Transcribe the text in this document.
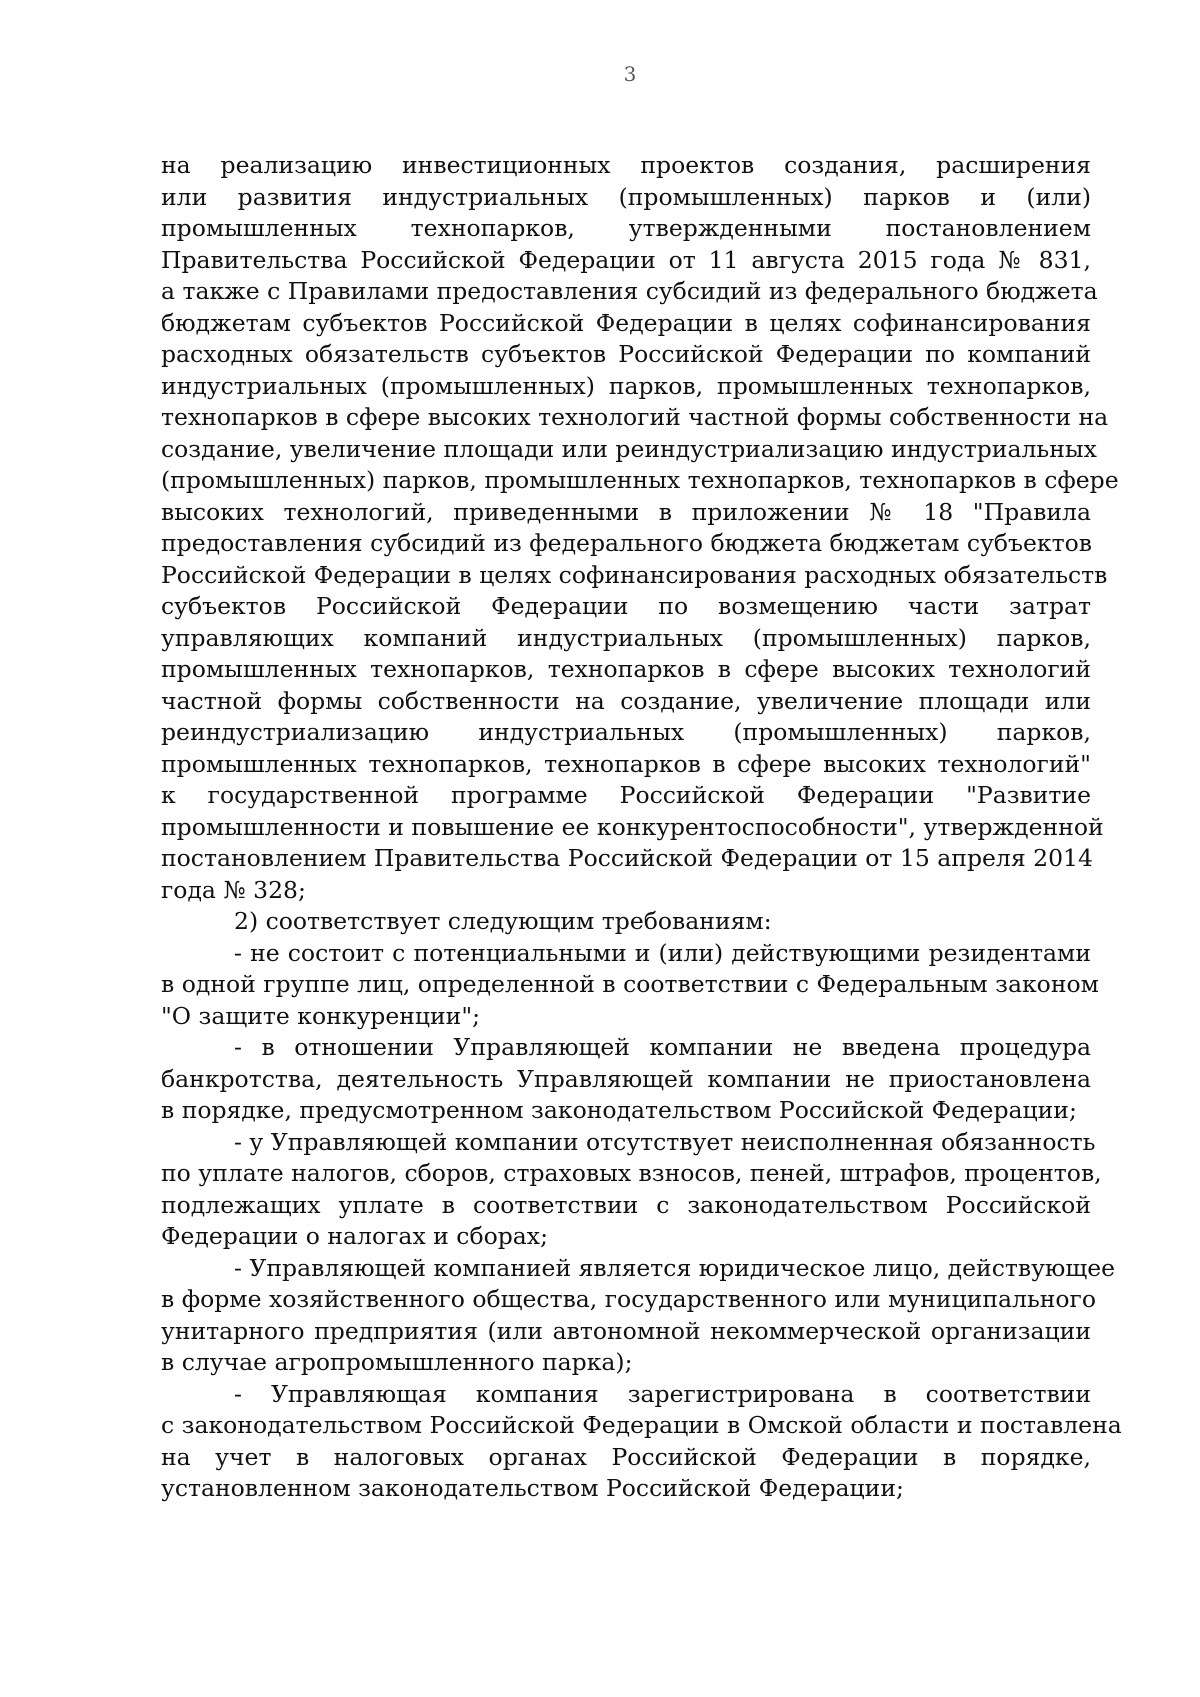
3
на реализацию инвестиционных проектов создания, расширения
или развития индустриальных (промышленных) парков и (или)
промышленных технопарков, утвержденными постановлением
Правительства Российской Федерации от 11 августа 2015 года № 831,
а также с Правилами предоставления субсидий из федерального бюджета
бюджетам субъектов Российской Федерации в целях софинансирования
расходных обязательств субъектов Российской Федерации по компаний
индустриальных (промышленных) парков, промышленных технопарков,
технопарков в сфере высоких технологий частной формы собственности на
создание, увеличение площади или реиндустриализацию индустриальных
(промышленных) парков, промышленных технопарков, технопарков в сфере
высоких технологий, приведенными в приложении № 18 "Правила
предоставления субсидий из федерального бюджета бюджетам субъектов
Российской Федерации в целях софинансирования расходных обязательств
субъектов Российской Федерации по возмещению части затрат
управляющих компаний индустриальных (промышленных) парков,
промышленных технопарков, технопарков в сфере высоких технологий
частной формы собственности на создание, увеличение площади или
реиндустриализацию индустриальных (промышленных) парков,
промышленных технопарков, технопарков в сфере высоких технологий"
к государственной программе Российской Федерации "Развитие
промышленности и повышение ее конкурентоспособности", утвержденной
постановлением Правительства Российской Федерации от 15 апреля 2014
года № 328;
2) соответствует следующим требованиям:
- не состоит с потенциальными и (или) действующими резидентами
в одной группе лиц, определенной в соответствии с Федеральным законом
"О защите конкуренции";
- в отношении Управляющей компании не введена процедура
банкротства, деятельность Управляющей компании не приостановлена
в порядке, предусмотренном законодательством Российской Федерации;
- у Управляющей компании отсутствует неисполненная обязанность
по уплате налогов, сборов, страховых взносов, пеней, штрафов, процентов,
подлежащих уплате в соответствии с законодательством Российской
Федерации о налогах и сборах;
- Управляющей компанией является юридическое лицо, действующее
в форме хозяйственного общества, государственного или муниципального
унитарного предприятия (или автономной некоммерческой организации
в случае агропромышленного парка);
- Управляющая компания зарегистрирована в соответствии
с законодательством Российской Федерации в Омской области и поставлена
на учет в налоговых органах Российской Федерации в порядке,
установленном законодательством Российской Федерации;
